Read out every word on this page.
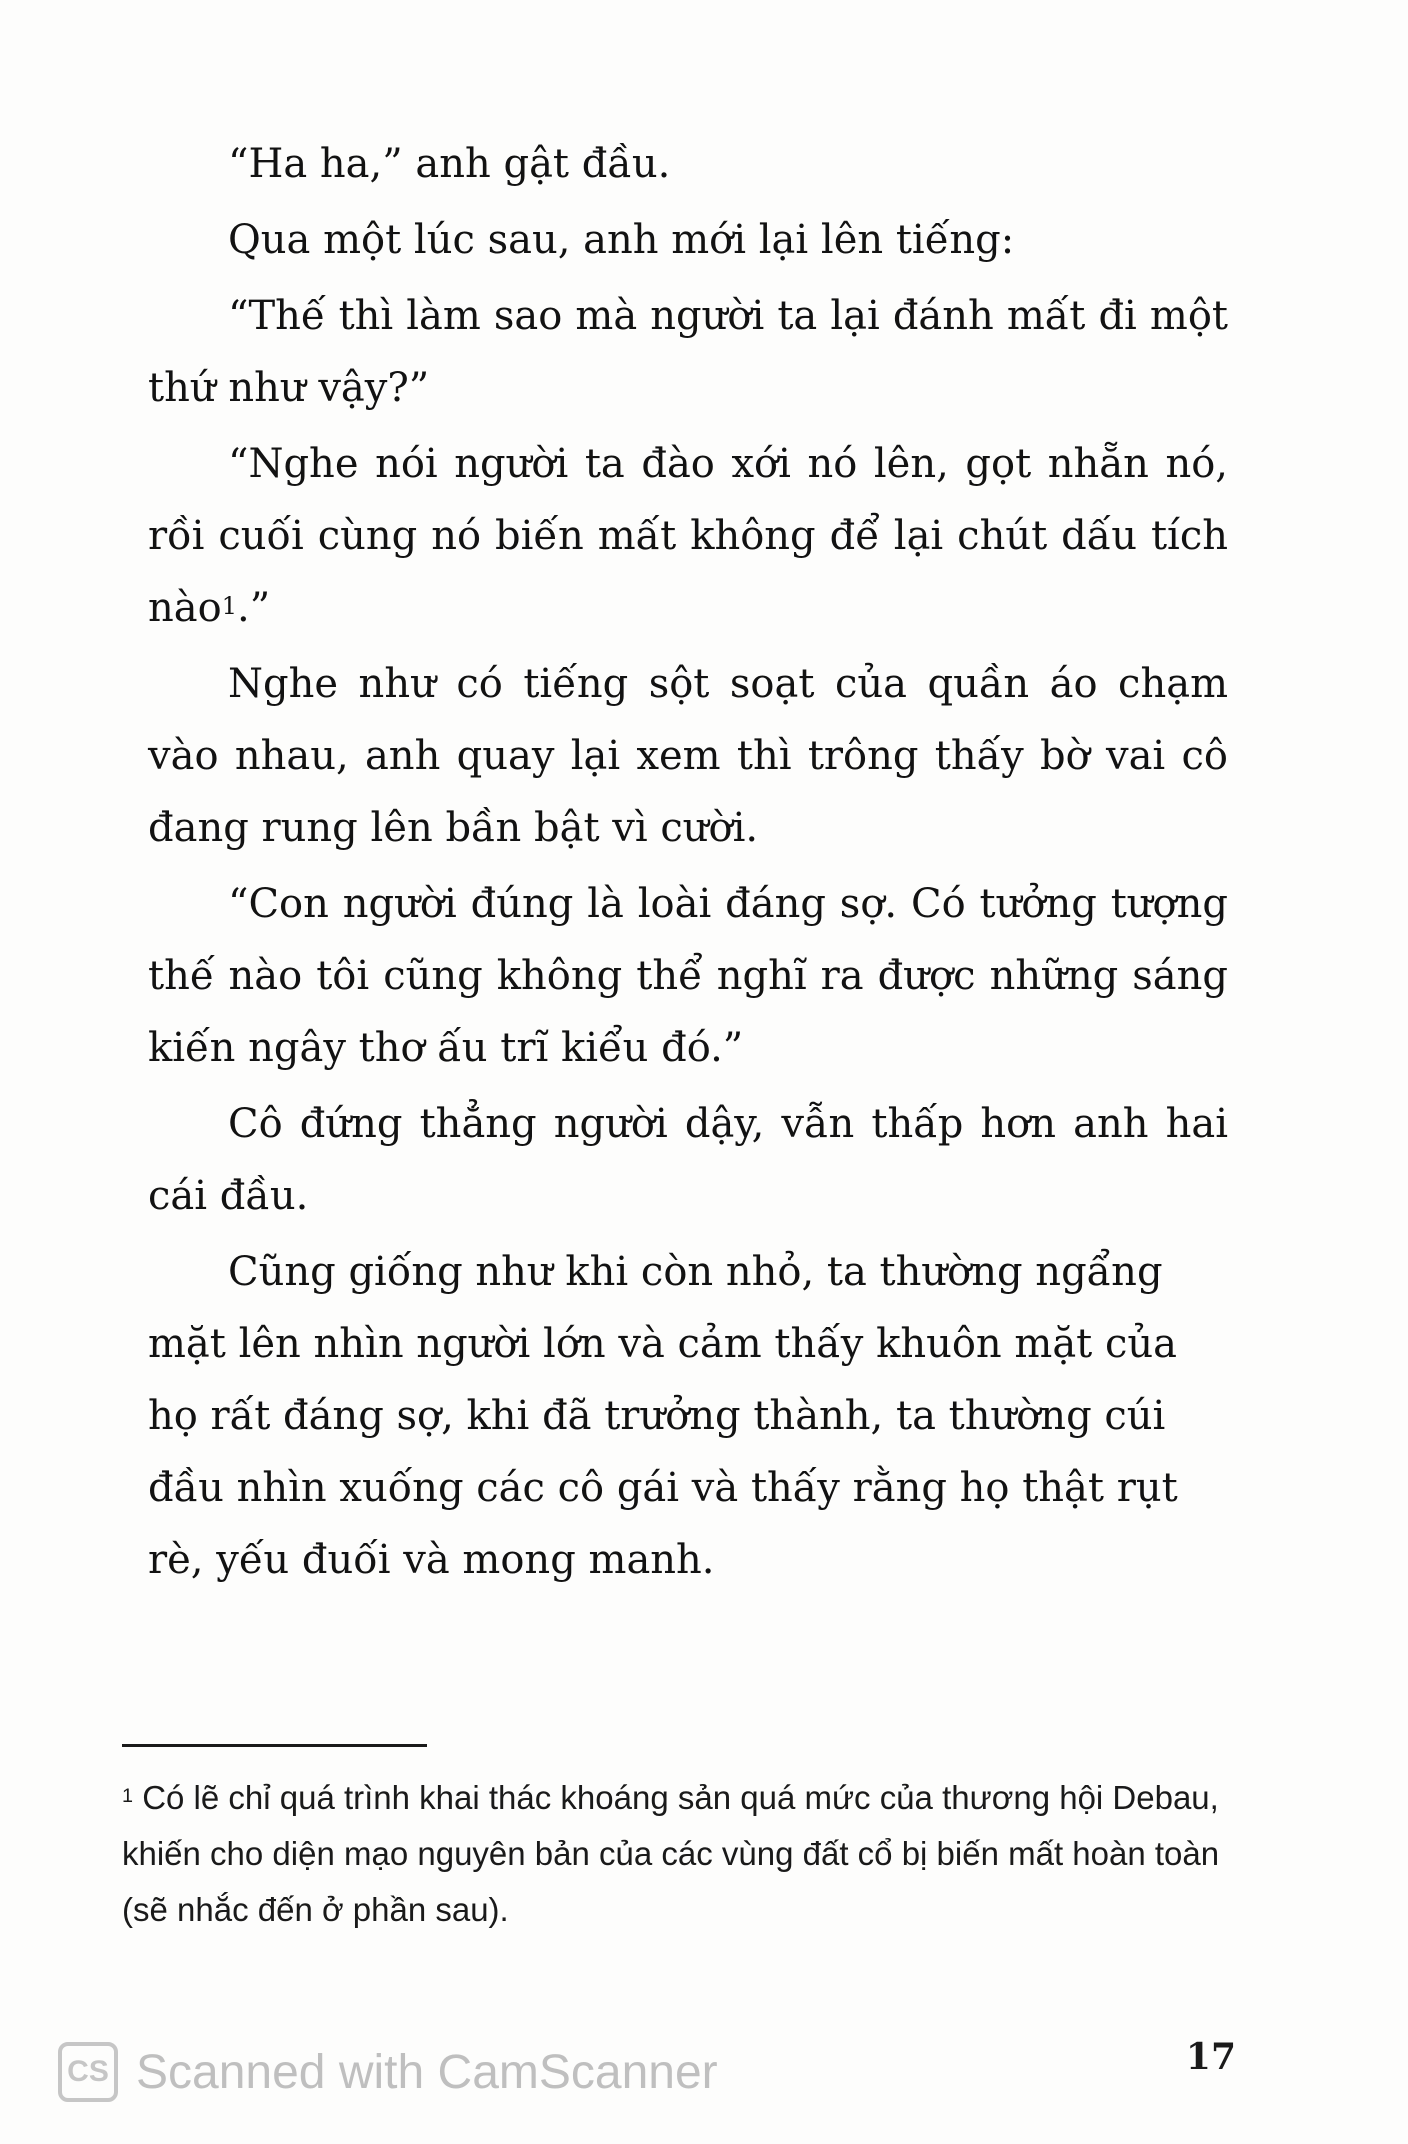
“Ha ha,” anh gật đầu.

Qua một lúc sau, anh mới lại lên tiếng:

“Thế thì làm sao mà người ta lại đánh mất đi một thứ như vậy?”

“Nghe nói người ta đào xới nó lên, gọt nhẵn nó, rồi cuối cùng nó biến mất không để lại chút dấu tích nào$^1$.”

Nghe như có tiếng sột soạt của quần áo chạm vào nhau, anh quay lại xem thì trông thấy bờ vai cô đang rung lên bần bật vì cười.

“Con người đúng là loài đáng sợ. Có tưởng tượng thế nào tôi cũng không thể nghĩ ra được những sáng kiến ngây thơ ấu trĩ kiểu đó.”

Cô đứng thẳng người dậy, vẫn thấp hơn anh hai cái đầu.

Cũng giống như khi còn nhỏ, ta thường ngẩng mặt lên nhìn người lớn và cảm thấy khuôn mặt của họ rất đáng sợ, khi đã trưởng thành, ta thường cúi đầu nhìn xuống các cô gái và thấy rằng họ thật rụt rè, yếu đuối và mong manh.

$^1$ Có lẽ chỉ quá trình khai thác khoáng sản quá mức của thương hội Debau, khiến cho diện mạo nguyên bản của các vùng đất cổ bị biến mất hoàn toàn (sẽ nhắc đến ở phần sau).
17
CS Scanned with CamScanner
